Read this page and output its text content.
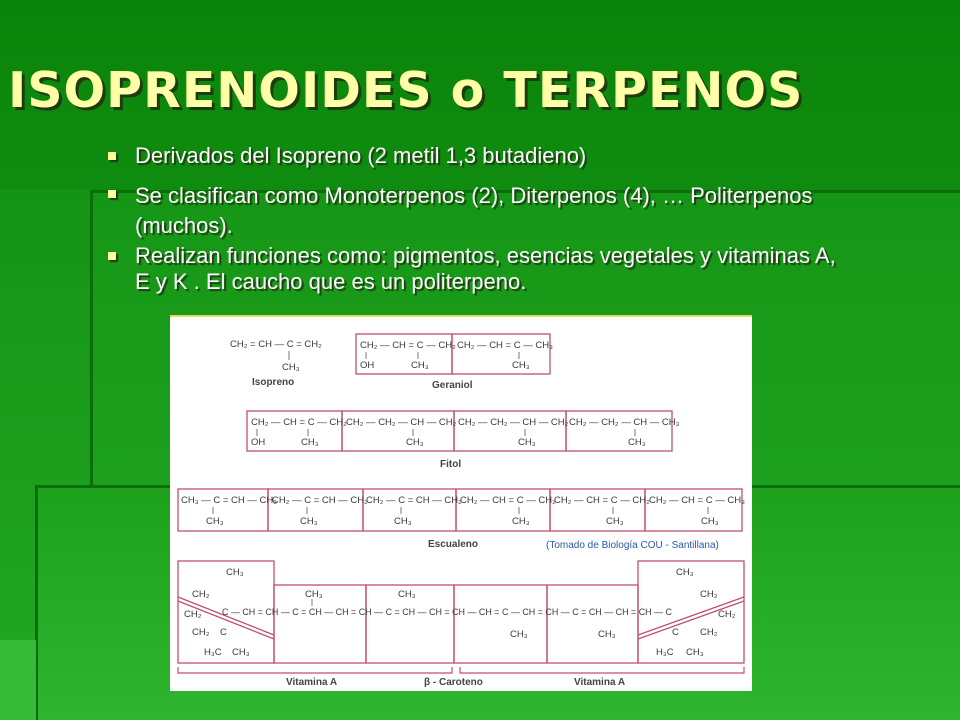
ISOPRENOIDES o TERPENOS
Derivados del Isopreno (2 metil 1,3 butadieno)
Se clasifican como Monoterpenos (2), Diterpenos (4), … Politerpenos (muchos).
Realizan funciones como: pigmentos, esencias vegetales y vitaminas A, E y K . El caucho que es un politerpeno.
CH₂ = CH — C = CH₂
CH₃
Isopreno
CH₂ — CH = C — CH₂
OH	CH₃
CH₂ — CH = C — CH₃
CH₃
Geraniol
CH₂ — CH = C — CH₂
OH	CH₃
CH₂ — CH₂ — CH — CH₂
CH₃
CH₂ — CH₂ — CH — CH₂
CH₃
CH₂ — CH₂ — CH — CH₃
CH₃
Fitol
CH₃ — C = CH — CH₂
CH₃
CH₂ — C = CH — CH₂
CH₃
CH₂ — C = CH — CH₂
CH₃
CH₂ — CH = C — CH₂
CH₃
CH₂ — CH = C — CH₂
CH₃
CH₂ — CH = C — CH₃
CH₃
Escualeno	(Tomado de Biología COU - Santillana)
CH₃
CH₂
CH₂
CH₂ C
H₃C CH₃
C — CH = CH — C = CH — CH = CH — C = CH — CH = CH — CH = C — CH = CH — C = CH — CH = CH — C
CH₃	CH₃
CH₃	CH₃
CH₃
CH₂
CH₂
CH₂
C
H₃C CH₃
Vitamina A	β - Caroteno	Vitamina A
